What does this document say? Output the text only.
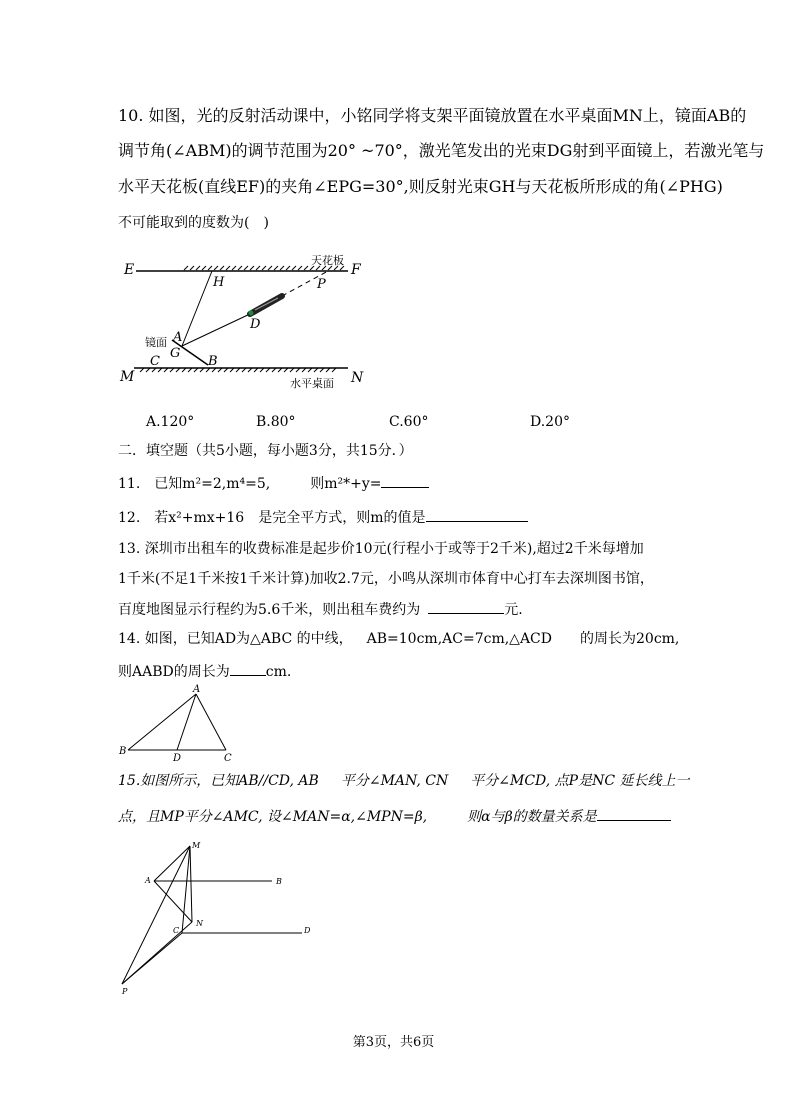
10. 如图，光的反射活动课中，小铭同学将支架平面镜放置在水平桌面MN上，镜面AB的
调节角(∠ABM)的调节范围为20° ~70°，激光笔发出的光束DG射到平面镜上，若激光笔与
水平天花板(直线EF)的夹角∠EPG=30°,则反射光束GH与天花板所形成的角(∠PHG)
不可能取到的度数为(　)
E
天花板
F
H	P
D
A
镜面
G
C	B
M	水平桌面 N
A.120°	B.80°	C.60°	D.20°
二．填空题（共5小题，每小题3分，共15分．）
11.　已知m²=2,m⁴=5,	则m²*+y=
12.　若x²+mx+16　是完全平方式，则m的值是
13. 深圳市出租车的收费标准是起步价10元(行程小于或等于2千米),超过2千米每增加
1千米(不足1千米按1千米计算)加收2.7元，小鸣从深圳市体育中心打车去深圳图书馆，
百度地图显示行程约为5.6千米，则出租车费约为	元.
14. 如图，已知AD为△ABC 的中线， AB=10cm,AC=7cm,△ACD 的周长为20cm,
则AABD的周长为	cm.
A
B
D	C
15.如图所示，已知AB//CD, AB 平分∠MAN, CN 平分∠MCD, 点P是NC 延长线上一
点，且MP平分∠AMC, 设∠MAN=α,∠MPN=β,	则α与β的数量关系是
M
A	B
N
C	D
P
第3页，共6页
